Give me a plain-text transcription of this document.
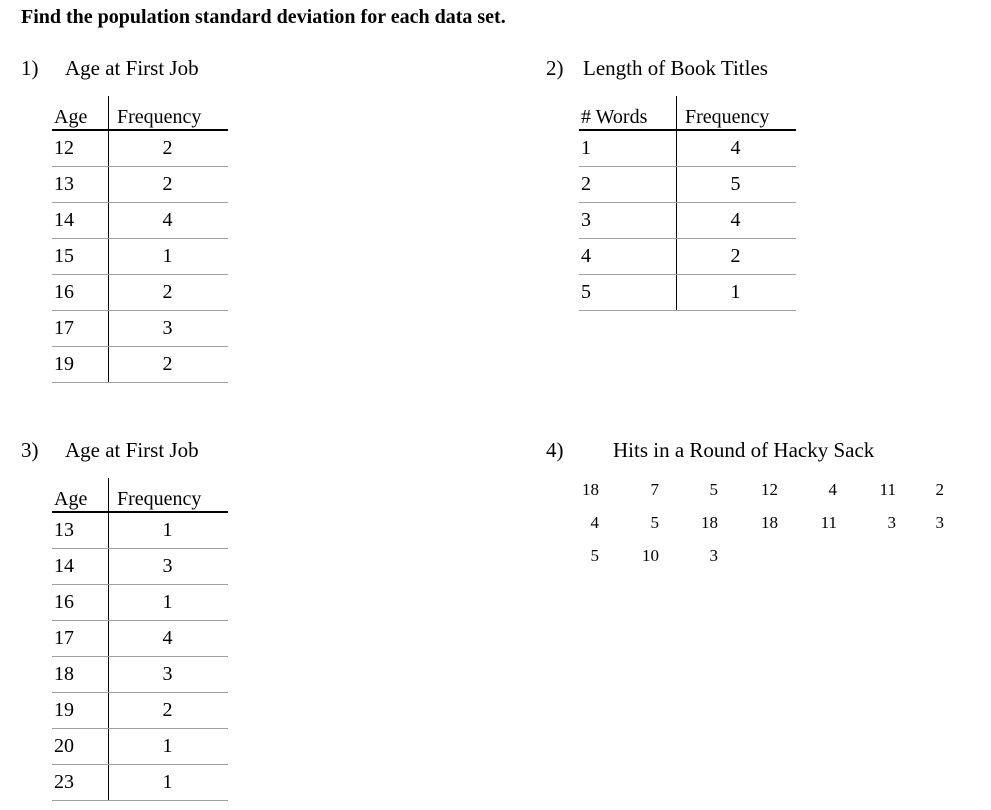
Find the population standard deviation for each data set.
1) Age at First Job
Age	Frequency
12	2
13	2
14	4
15	1
16	2
17	3
19	2
2) Length of Book Titles
# Words	Frequency
1	4
2	5
3	4
4	2
5	1
3) Age at First Job
Age	Frequency
13	1
14	3
16	1
17	4
18	3
19	2
20	1
23	1
4) Hits in a Round of Hacky Sack
18	7	5	12	4	11	2
4	5	18	18	11	3	3
5	10	3
